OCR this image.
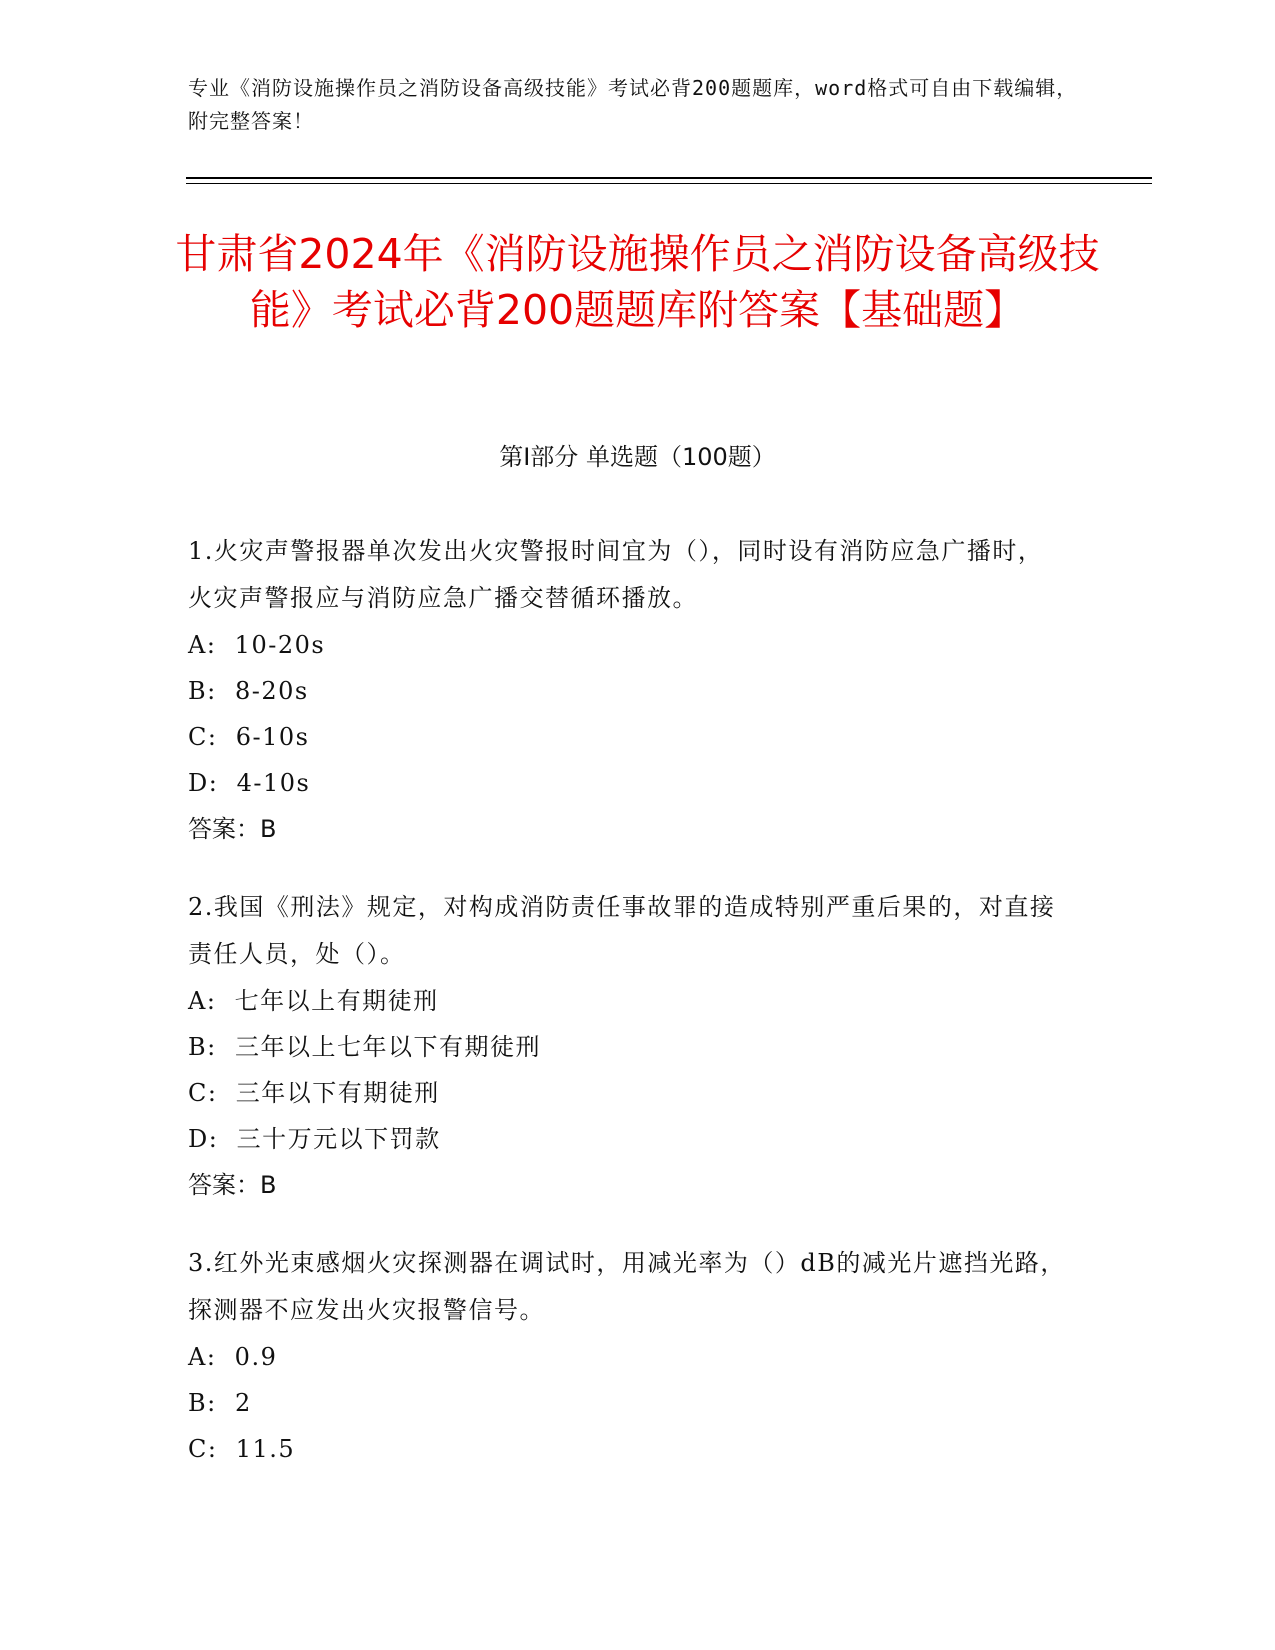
专业《消防设施操作员之消防设备高级技能》考试必背200题题库，word格式可自由下载编辑，附完整答案！
甘肃省2024年《消防设施操作员之消防设备高级技能》考试必背200题题库附答案【基础题】
第I部分 单选题（100题）
1.火灾声警报器单次发出火灾警报时间宜为（），同时设有消防应急广播时，火灾声警报应与消防应急广播交替循环播放。
A:  10-20s
B:  8-20s
C:  6-10s
D:  4-10s
答案：B
2.我国《刑法》规定，对构成消防责任事故罪的造成特别严重后果的，对直接责任人员，处（）。
A:  七年以上有期徒刑
B:  三年以上七年以下有期徒刑
C:  三年以下有期徒刑
D:  三十万元以下罚款
答案：B
3.红外光束感烟火灾探测器在调试时，用减光率为（）dB的减光片遮挡光路，探测器不应发出火灾报警信号。
A:  0.9
B:  2
C:  11.5
